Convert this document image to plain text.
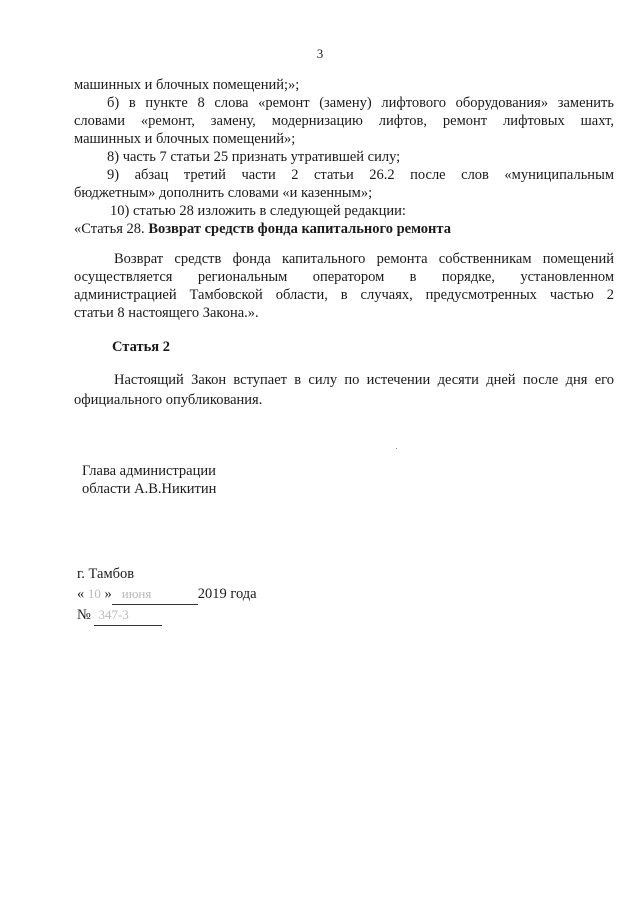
3

машинных и блочных помещений;»;

б) в пункте 8 слова «ремонт (замену) лифтового оборудования» заменить

словами «ремонт, замену, модернизацию лифтов, ремонт лифтовых шахт,

машинных и блочных помещений»;

8) часть 7 статьи 25 признать утратившей силу;

9) абзац третий части 2 статьи 26.2 после слов «муниципальным

бюджетным» дополнить словами «и казенным»;

10) статью 28 изложить в следующей редакции:

«Статья 28. Возврат средств фонда капитального ремонта

Возврат средств фонда капитального ремонта собственникам помещений
осуществляется региональным оператором в порядке, установленном
администрацией Тамбовской области, в случаях, предусмотренных частью 2
статьи 8 настоящего Закона.».
Статья 2
Настоящий Закон вступает в силу по истечении десяти дней после дня его
официального опубликования.
Глава администрации
области А.В.Никитин
г. Тамбов
« 10 » июня	2019 года
№ 347-3
